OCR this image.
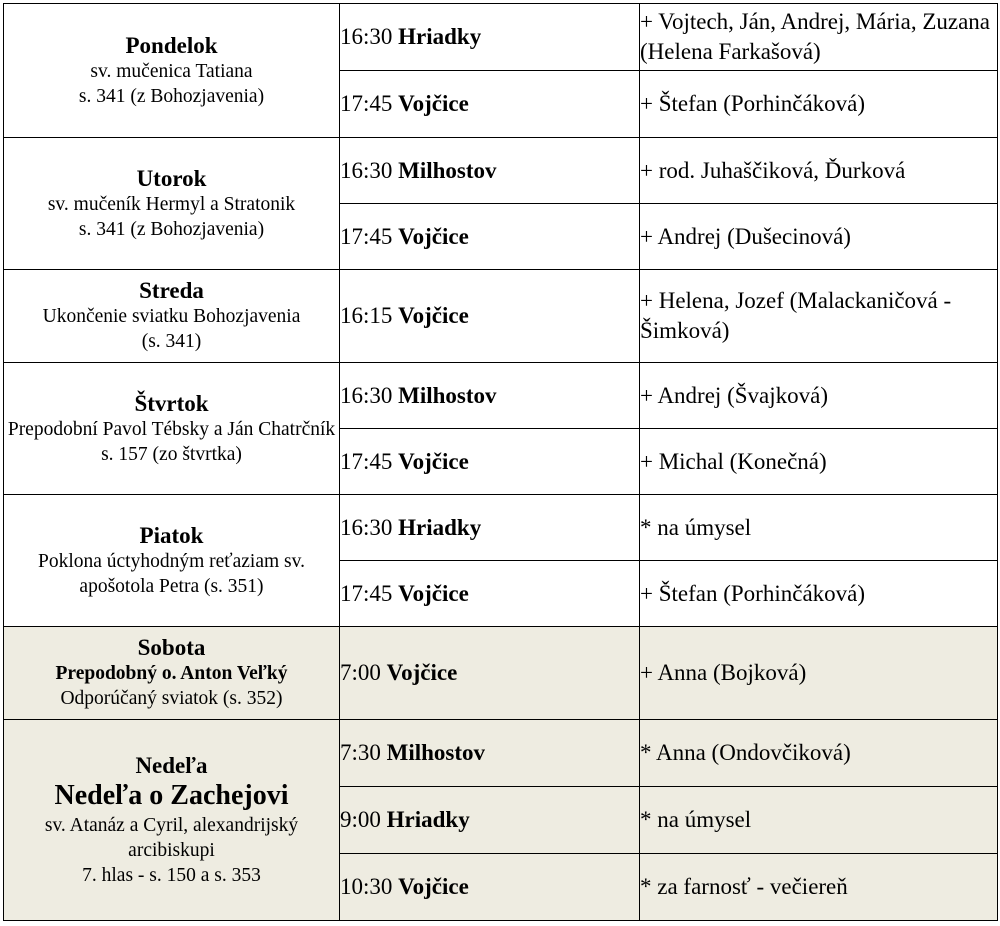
Pondelok
sv. mučenica Tatiana
s. 341 (z Bohozjavenia)	16:30 Hriadky	+ Vojtech, Ján, Andrej, Mária, Zuzana (Helena Farkašová)
	17:45 Vojčice	+ Štefan (Porhinčáková)

Utorok
sv. mučeník Hermyl a Stratonik
s. 341 (z Bohozjavenia)	16:30 Milhostov	+ rod. Juhaščiková, Ďurková
	17:45 Vojčice	+ Andrej (Dušecinová)

Streda
Ukončenie sviatku Bohozjavenia
(s. 341)	16:15 Vojčice	+ Helena, Jozef (Malackaničová - Šimková)

Štvrtok
Prepodobní Pavol Tébsky a Ján Chatrčník
s. 157 (zo štvrtka)	16:30 Milhostov	+ Andrej (Švajková)
	17:45 Vojčice	+ Michal (Konečná)

Piatok
Poklona úctyhodným reťaziam sv. apošotola Petra (s. 351)	16:30 Hriadky	* na úmysel
	17:45 Vojčice	+ Štefan (Porhinčáková)

Sobota
Prepodobný o. Anton Veľký
Odporúčaný sviatok (s. 352)	7:00 Vojčice	+ Anna (Bojková)

Nedeľa
Nedeľa o Zachejovi
sv. Atanáz a Cyril, alexandrijský arcibiskupi
7. hlas - s. 150 a s. 353	7:30 Milhostov	* Anna (Ondovčiková)
	9:00 Hriadky	* na úmysel
	10:30 Vojčice	* za farnosť - večiereň
